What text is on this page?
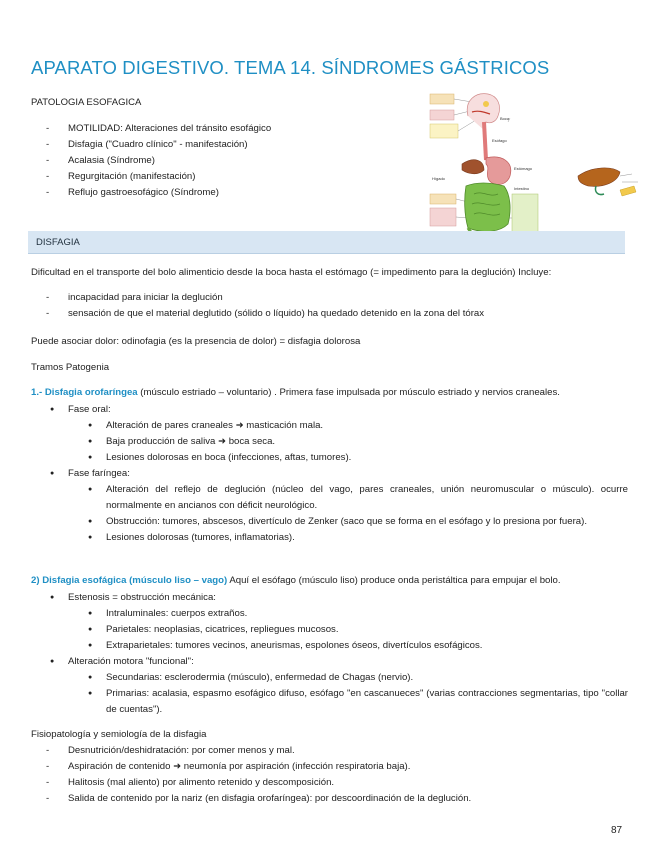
APARATO DIGESTIVO. TEMA 14. SÍNDROMES GÁSTRICOS
PATOLOGIA ESOFAGICA
- MOTILIDAD: Alteraciones del tránsito esofágico
- Disfagia ("Cuadro clínico" - manifestación)
- Acalasia (Síndrome)
- Regurgitación (manifestación)
- Reflujo gastroesofágico (Síndrome)
Boca
Esófago
Estómago
Hígado
Intestino
DISFAGIA
Dificultad en el transporte del bolo alimenticio desde la boca hasta el estómago (= impedimento para la deglución) Incluye:
- incapacidad para iniciar la deglución
- sensación de que el material deglutido (sólido o líquido) ha quedado detenido en la zona del tórax
Puede asociar dolor: odinofagia (es la presencia de dolor) = disfagia dolorosa
Tramos Patogenia
1.- Disfagia orofaríngea (músculo estriado – voluntario) . Primera fase impulsada por músculo estriado y nervios craneales.
● Fase oral:
● Alteración de pares craneales ➜ masticación mala.
● Baja producción de saliva ➜ boca seca.
● Lesiones dolorosas en boca (infecciones, aftas, tumores).
● Fase faríngea:
● Alteración del reflejo de deglución (núcleo del vago, pares craneales, unión neuromuscular o músculo). ocurre normalmente en ancianos con déficit neurológico.
● Obstrucción: tumores, abscesos, divertículo de Zenker (saco que se forma en el esófago y lo presiona por fuera).
● Lesiones dolorosas (tumores, inflamatorias).
2) Disfagia esofágica (músculo liso – vago) Aquí el esófago (músculo liso) produce onda peristáltica para empujar el bolo.
● Estenosis = obstrucción mecánica:
● Intraluminales: cuerpos extraños.
● Parietales: neoplasias, cicatrices, repliegues mucosos.
● Extraparietales: tumores vecinos, aneurismas, espolones óseos, divertículos esofágicos.
● Alteración motora "funcional":
● Secundarias: esclerodermia (músculo), enfermedad de Chagas (nervio).
● Primarias: acalasia, espasmo esofágico difuso, esófago "en cascanueces" (varias contracciones segmentarias, tipo "collar de cuentas").
Fisiopatología y semiología de la disfagia
- Desnutrición/deshidratación: por comer menos y mal.
- Aspiración de contenido ➜ neumonía por aspiración (infección respiratoria baja).
- Halitosis (mal aliento) por alimento retenido y descomposición.
- Salida de contenido por la nariz (en disfagia orofaríngea): por descoordinación de la deglución.
87
